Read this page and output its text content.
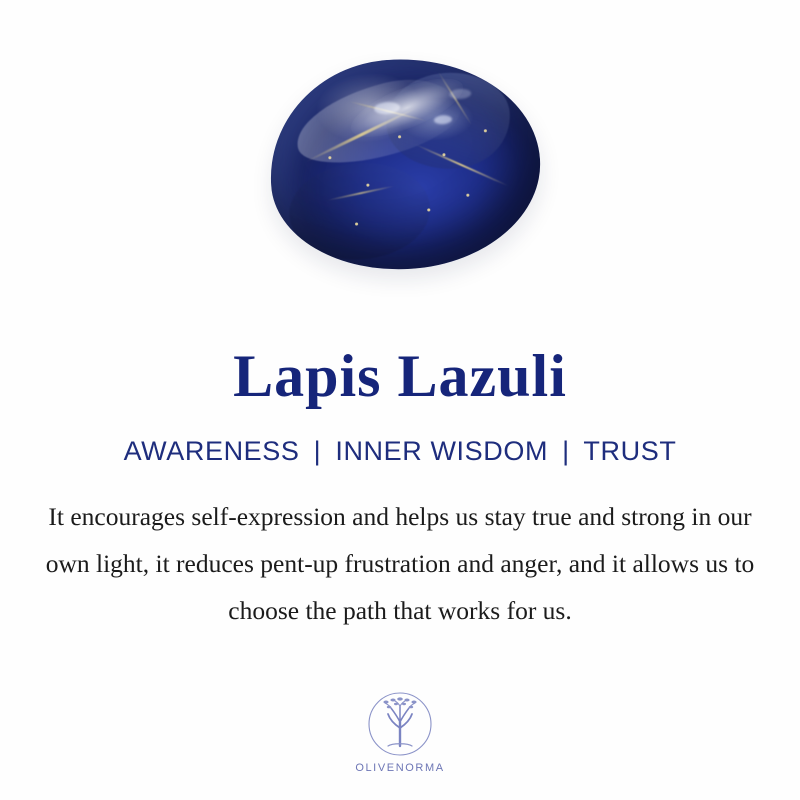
Lapis Lazuli
AWARENESS | INNER WISDOM | TRUST
It encourages self-expression and helps us stay true and strong in our own light, it reduces pent-up frustration and anger, and it allows us to choose the path that works for us.
OLIVENORMA
